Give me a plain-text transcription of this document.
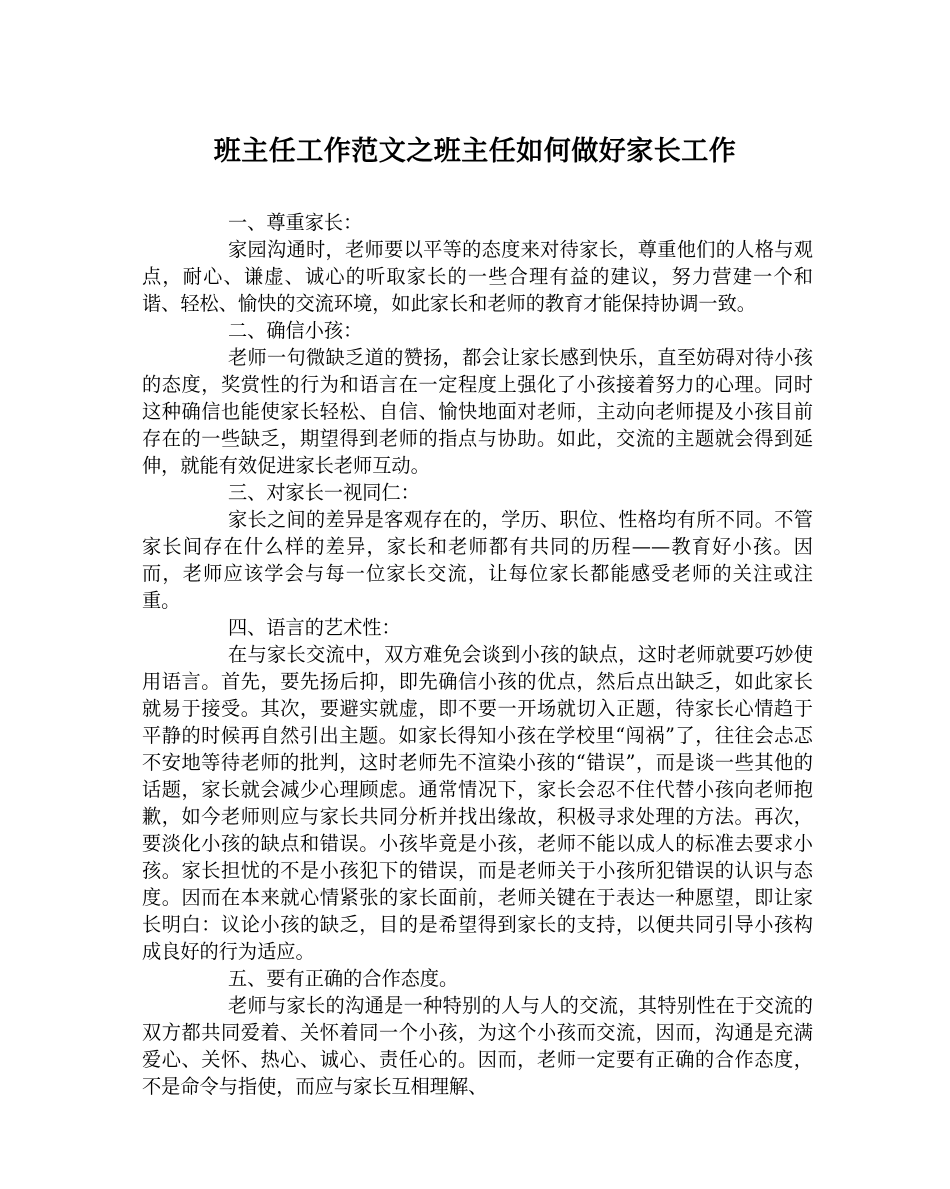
班主任工作范文之班主任如何做好家长工作

一、尊重家长：

家园沟通时，老师要以平等的态度来对待家长，尊重他们的人格与观点，耐心、谦虚、诚心的听取家长的一些合理有益的建议，努力营建一个和谐、轻松、愉快的交流环境，如此家长和老师的教育才能保持协调一致。

二、确信小孩：

老师一句微缺乏道的赞扬，都会让家长感到快乐，直至妨碍对待小孩的态度，奖赏性的行为和语言在一定程度上强化了小孩接着努力的心理。同时这种确信也能使家长轻松、自信、愉快地面对老师，主动向老师提及小孩目前存在的一些缺乏，期望得到老师的指点与协助。如此，交流的主题就会得到延伸，就能有效促进家长老师互动。

三、对家长一视同仁：

家长之间的差异是客观存在的，学历、职位、性格均有所不同。不管家长间存在什么样的差异，家长和老师都有共同的历程——教育好小孩。因而，老师应该学会与每一位家长交流，让每位家长都能感受老师的关注或注重。

四、语言的艺术性：

在与家长交流中，双方难免会谈到小孩的缺点，这时老师就要巧妙使用语言。首先，要先扬后抑，即先确信小孩的优点，然后点出缺乏，如此家长就易于接受。其次，要避实就虚，即不要一开场就切入正题，待家长心情趋于平静的时候再自然引出主题。如家长得知小孩在学校里“闯祸”了，往往会忐忑不安地等待老师的批判，这时老师先不渲染小孩的“错误”，而是谈一些其他的话题，家长就会减少心理顾虑。通常情况下，家长会忍不住代替小孩向老师抱歉，如今老师则应与家长共同分析并找出缘故，积极寻求处理的方法。再次，要淡化小孩的缺点和错误。小孩毕竟是小孩，老师不能以成人的标准去要求小孩。家长担忧的不是小孩犯下的错误，而是老师关于小孩所犯错误的认识与态度。因而在本来就心情紧张的家长面前，老师关键在于表达一种愿望，即让家长明白：议论小孩的缺乏，目的是希望得到家长的支持，以便共同引导小孩构成良好的行为适应。

五、要有正确的合作态度。

老师与家长的沟通是一种特别的人与人的交流，其特别性在于交流的双方都共同爱着、关怀着同一个小孩，为这个小孩而交流，因而，沟通是充满爱心、关怀、热心、诚心、责任心的。因而，老师一定要有正确的合作态度，不是命令与指使，而应与家长互相理解、
